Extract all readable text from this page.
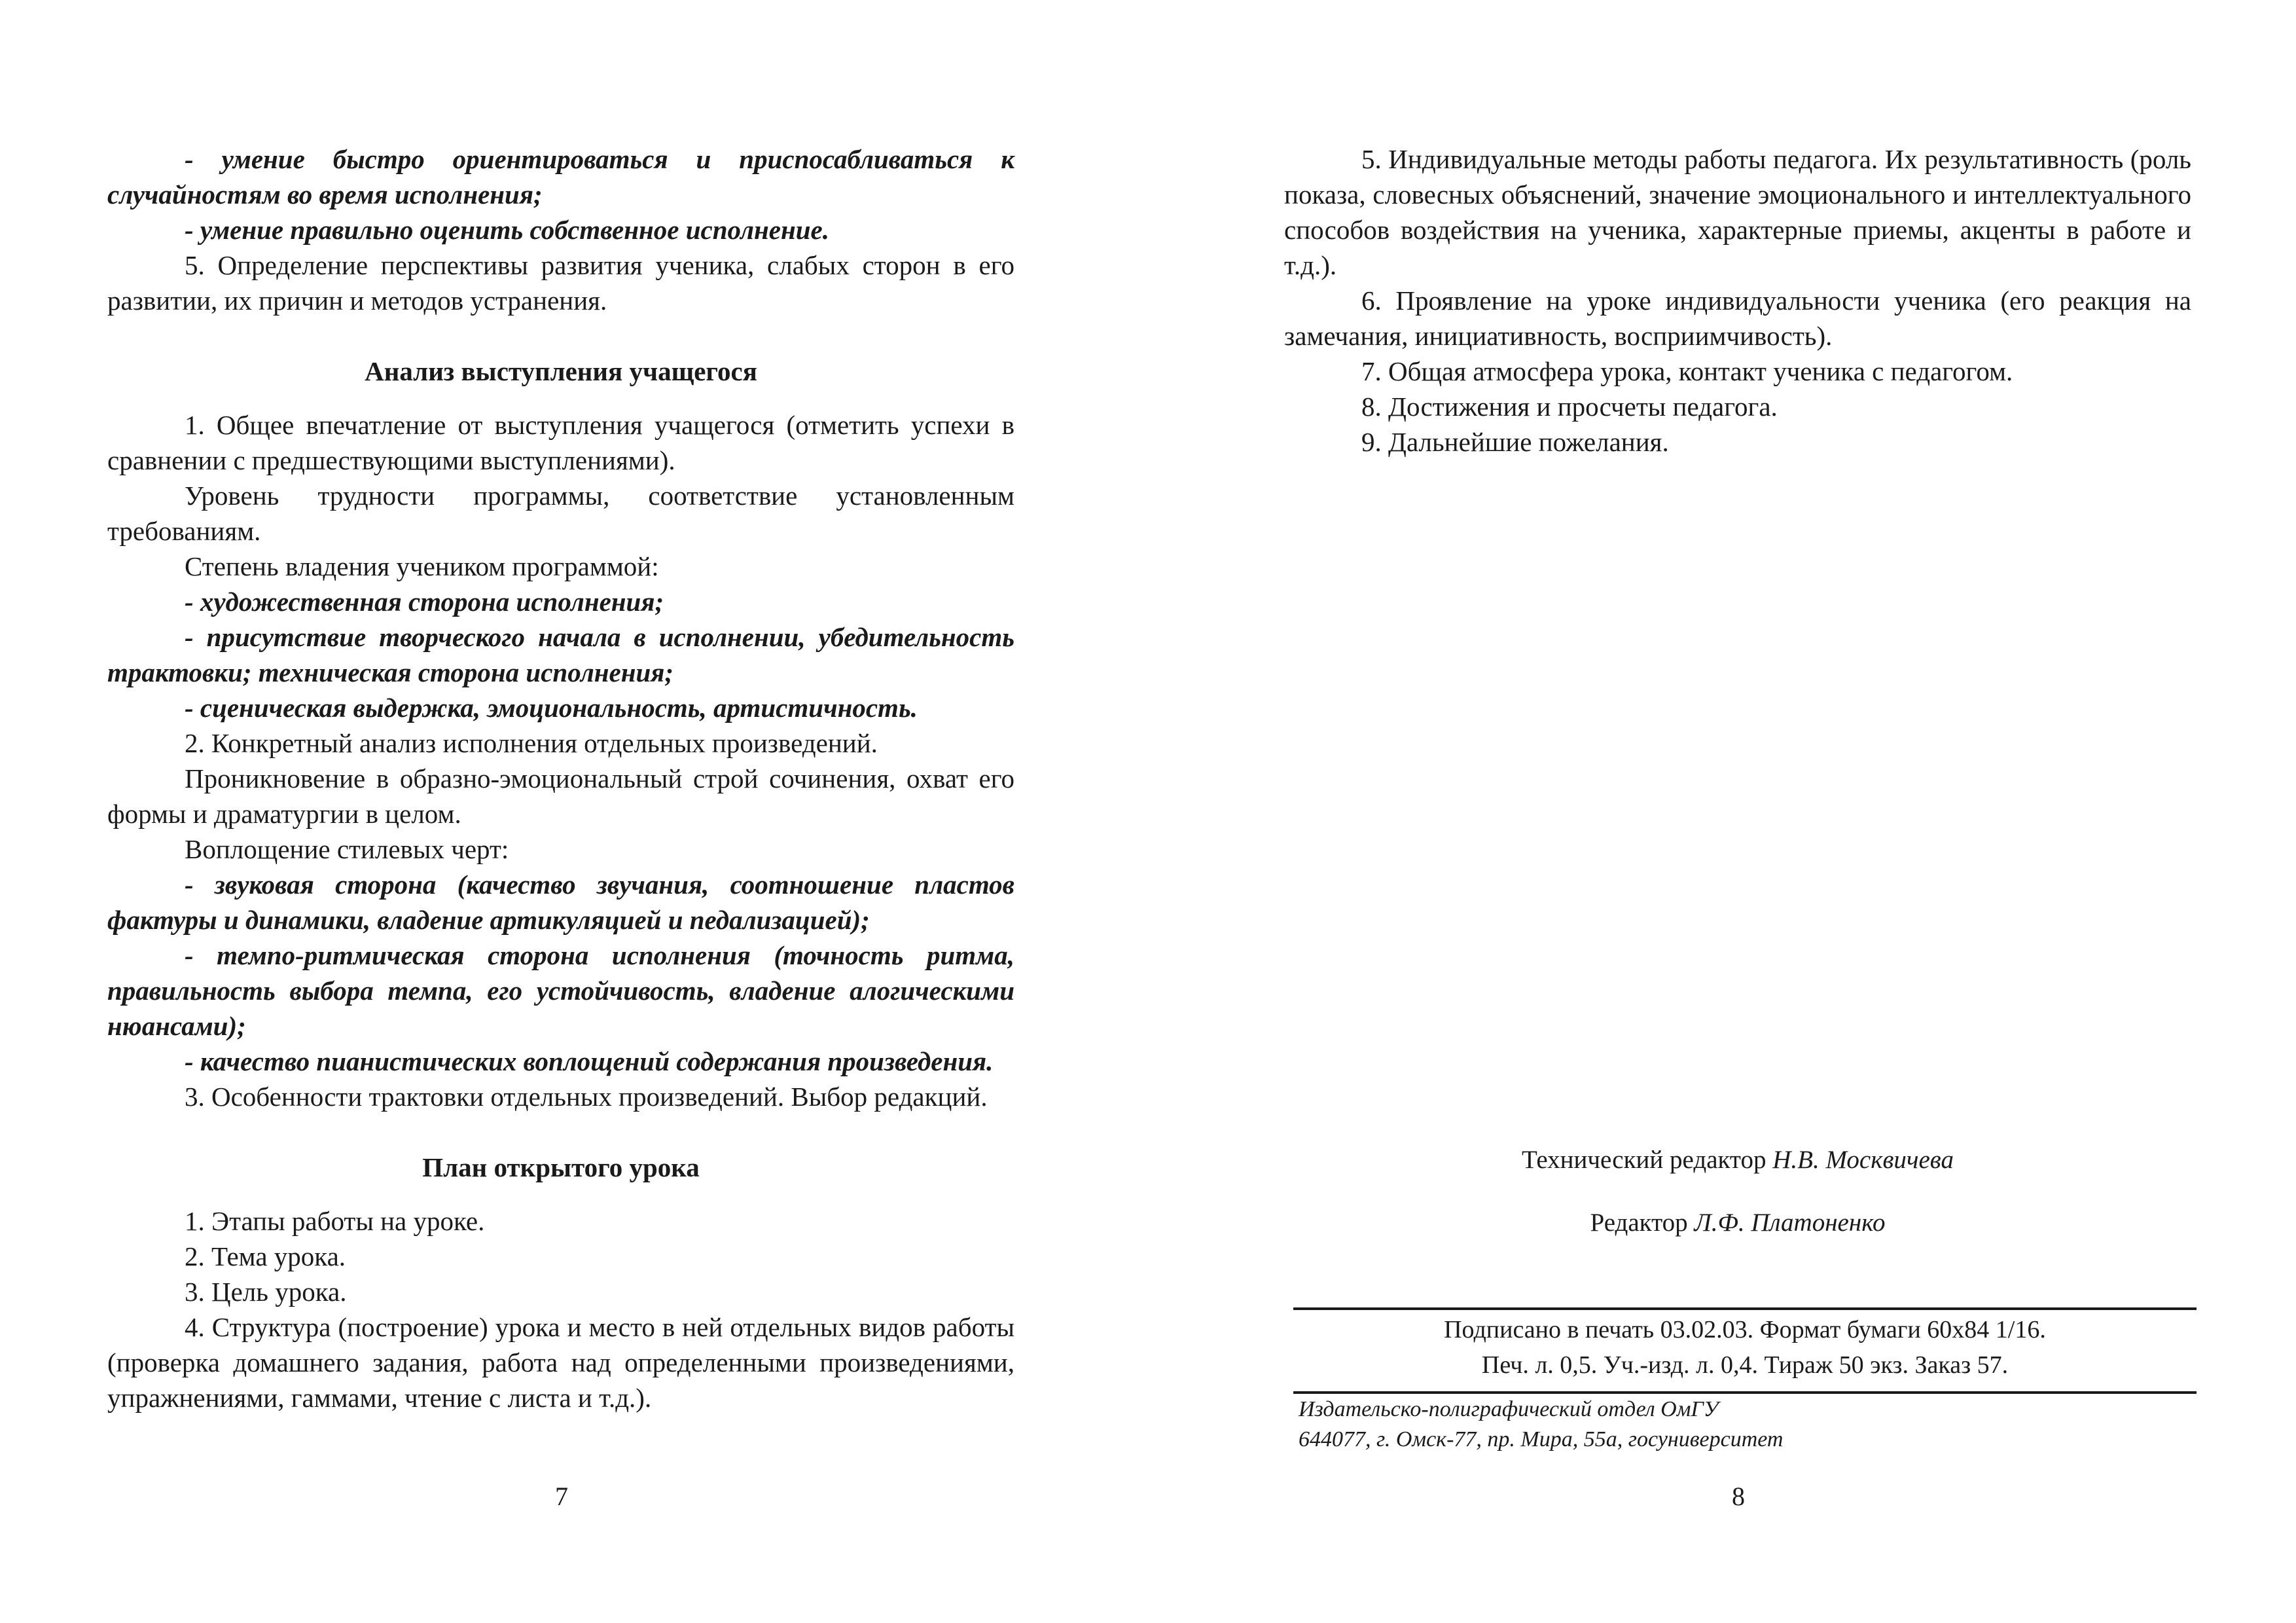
- умение быстро ориентироваться и приспосабливаться к случайностям во время исполнения;

- умение правильно оценить собственное исполнение.

5. Определение перспективы развития ученика, слабых сторон в его развитии, их причин и методов устранения.

Анализ выступления учащегося

1. Общее впечатление от выступления учащегося (отметить успехи в сравнении с предшествующими выступлениями).

Уровень трудности программы, соответствие установленным требованиям.

Степень владения учеником программой:

- художественная сторона исполнения;

- присутствие творческого начала в исполнении, убедительность трактовки; техническая сторона исполнения;

- сценическая выдержка, эмоциональность, артистичность.

2. Конкретный анализ исполнения отдельных произведений.

Проникновение в образно-эмоциональный строй сочинения, охват его формы и драматургии в целом.

Воплощение стилевых черт:

- звуковая сторона (качество звучания, соотношение пластов фактуры и динамики, владение артикуляцией и педализацией);

- темпо-ритмическая сторона исполнения (точность ритма, правильность выбора темпа, его устойчивость, владение алогическими нюансами);

- качество пианистических воплощений содержания произведения.

3. Особенности трактовки отдельных произведений. Выбор редакций.

План открытого урока

1. Этапы работы на уроке.

2. Тема урока.

3. Цель урока.

4. Структура (построение) урока и место в ней отдельных видов работы (проверка домашнего задания, работа над определенными произведениями, упражнениями, гаммами, чтение с листа и т.д.).

7

5. Индивидуальные методы работы педагога. Их результативность (роль показа, словесных объяснений, значение эмоционального и интеллектуального способов воздействия на ученика, характерные приемы, акценты в работе и т.д.).

6. Проявление на уроке индивидуальности ученика (его реакция на замечания, инициативность, восприимчивость).

7. Общая атмосфера урока, контакт ученика с педагогом.

8. Достижения и просчеты педагога.

9. Дальнейшие пожелания.

Технический редактор Н.В. Москвичева
Редактор Л.Ф. Платоненко
Подписано в печать 03.02.03. Формат бумаги 60х84 1/16.
Печ. л. 0,5. Уч.-изд. л. 0,4. Тираж 50 экз. Заказ 57.
Издательско-полиграфический отдел ОмГУ
644077, г. Омск-77, пр. Мира, 55а, госуниверситет
8
